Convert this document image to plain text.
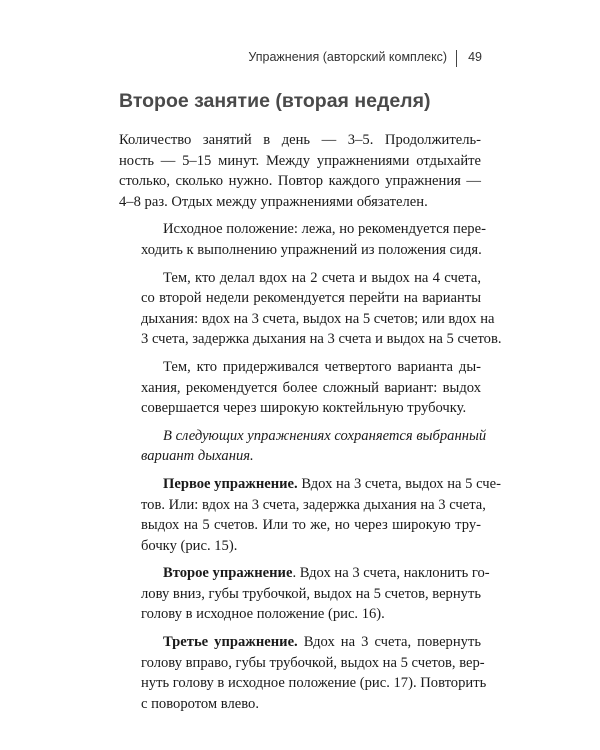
Упражнения (авторский комплекс) 49
Второе занятие (вторая неделя)

Количество занятий в день — 3–5. Продолжитель-
ность — 5–15 минут. Между упражнениями отдыхайте
столько, сколько нужно. Повтор каждого упражнения —
4–8 раз. Отдых между упражнениями обязателен.

Исходное положение: лежа, но рекомендуется пере-
ходить к выполнению упражнений из положения сидя.

Тем, кто делал вдох на 2 счета и выдох на 4 счета,
со второй недели рекомендуется перейти на варианты
дыхания: вдох на 3 счета, выдох на 5 счетов; или вдох на
3 счета, задержка дыхания на 3 счета и выдох на 5 счетов.

Тем, кто придерживался четвертого варианта ды-
хания, рекомендуется более сложный вариант: выдох
совершается через широкую коктейльную трубочку.

В следующих упражнениях сохраняется выбранный
вариант дыхания.

Первое упражнение. Вдох на 3 счета, выдох на 5 сче-
тов. Или: вдох на 3 счета, задержка дыхания на 3 счета,
выдох на 5 счетов. Или то же, но через широкую тру-
бочку (рис. 15).

Второе упражнение. Вдох на 3 счета, наклонить го-
лову вниз, губы трубочкой, выдох на 5 счетов, вернуть
голову в исходное положение (рис. 16).

Третье упражнение. Вдох на 3 счета, повернуть
голову вправо, губы трубочкой, выдох на 5 счетов, вер-
нуть голову в исходное положение (рис. 17). Повторить
с поворотом влево.
